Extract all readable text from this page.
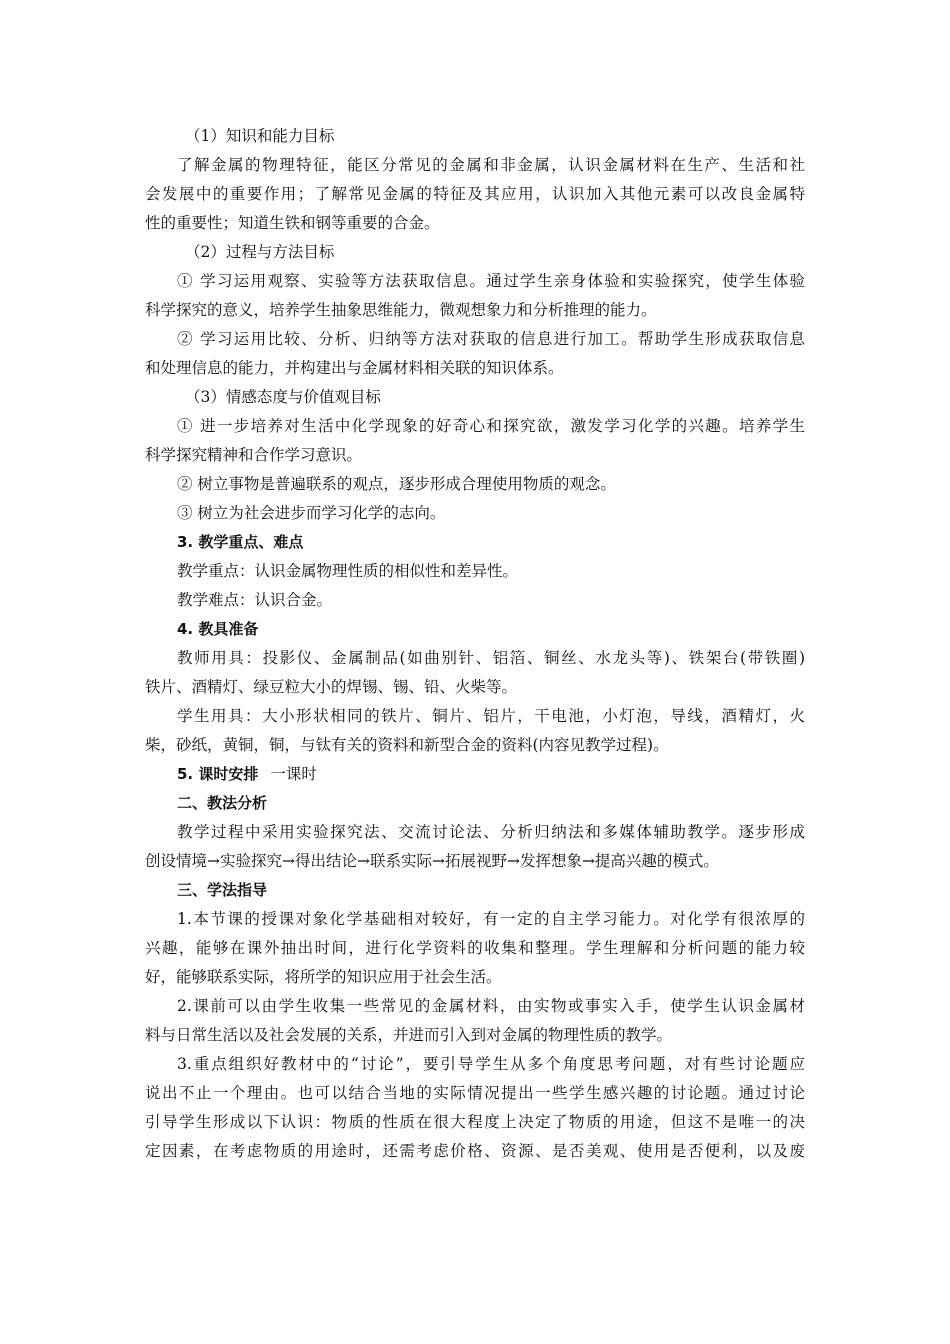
（1）知识和能力目标
了解金属的物理特征，能区分常见的金属和非金属，认识金属材料在生产、生活和社
会发展中的重要作用；了解常见金属的特征及其应用，认识加入其他元素可以改良金属特
性的重要性；知道生铁和钢等重要的合金。
（2）过程与方法目标
① 学习运用观察、实验等方法获取信息。通过学生亲身体验和实验探究，使学生体验
科学探究的意义，培养学生抽象思维能力，微观想象力和分析推理的能力。
② 学习运用比较、分析、归纳等方法对获取的信息进行加工。帮助学生形成获取信息
和处理信息的能力，并构建出与金属材料相关联的知识体系。
（3）情感态度与价值观目标
① 进一步培养对生活中化学现象的好奇心和探究欲，激发学习化学的兴趣。培养学生
科学探究精神和合作学习意识。
② 树立事物是普遍联系的观点，逐步形成合理使用物质的观念。
③ 树立为社会进步而学习化学的志向。
3. 教学重点、难点
教学重点：认识金属物理性质的相似性和差异性。
教学难点：认识合金。
4. 教具准备
教师用具：投影仪、金属制品(如曲别针、铝箔、铜丝、水龙头等)、铁架台(带铁圈)
铁片、酒精灯、绿豆粒大小的焊锡、锡、铅、火柴等。
学生用具：大小形状相同的铁片、铜片、铝片，干电池，小灯泡，导线，酒精灯，火
柴，砂纸，黄铜，铜，与钛有关的资料和新型合金的资料(内容见教学过程)。
5. 课时安排 一课时
二、教法分析
教学过程中采用实验探究法、交流讨论法、分析归纳法和多媒体辅助教学。逐步形成
创设情境→实验探究→得出结论→联系实际→拓展视野→发挥想象→提高兴趣的模式。
三、学法指导
1.本节课的授课对象化学基础相对较好，有一定的自主学习能力。对化学有很浓厚的
兴趣，能够在课外抽出时间，进行化学资料的收集和整理。学生理解和分析问题的能力较
好，能够联系实际，将所学的知识应用于社会生活。
2.课前可以由学生收集一些常见的金属材料，由实物或事实入手，使学生认识金属材
料与日常生活以及社会发展的关系，并进而引入到对金属的物理性质的教学。
3.重点组织好教材中的“讨论”，要引导学生从多个角度思考问题，对有些讨论题应
说出不止一个理由。也可以结合当地的实际情况提出一些学生感兴趣的讨论题。通过讨论
引导学生形成以下认识：物质的性质在很大程度上决定了物质的用途，但这不是唯一的决
定因素，在考虑物质的用途时，还需考虑价格、资源、是否美观、使用是否便利，以及废
